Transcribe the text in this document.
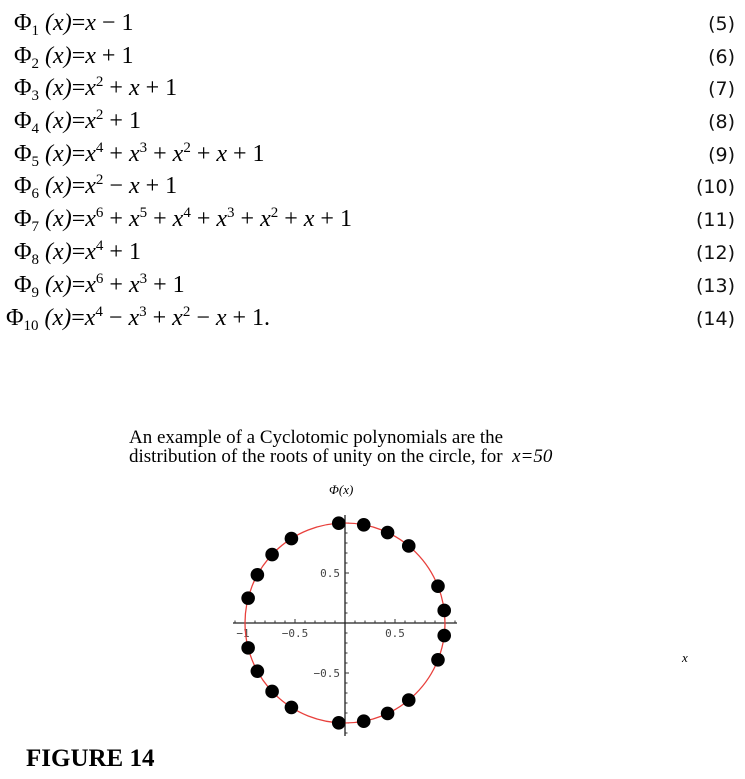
$\Phi_1$ (x)=x − 1	(5)
$\Phi_2$ (x)=x + 1	(6)
$\Phi_3$ $(x)=x^2 + x + 1$	(7)
$\Phi_4$ $(x)=x^2 + 1$	(8)
$\Phi_5$ $(x)=x^4 + x^3 + x^2 + x + 1$	(9)
$\Phi_6$ $(x)=x^2 - x + 1$	(10)
$\Phi_7$ $(x)=x^6 + x^5 + x^4 + x^3 + x^2 + x + 1$	(11)
$\Phi_8$ $(x)=x^4 + 1$	(12)
$\Phi_9$ $(x)=x^6 + x^3 + 1$	(13)
$\Phi_{10}$ $(x)=x^4 - x^3 + x^2 - x + 1$.	(14)
An example of a Cyclotomic polynomials are the
distribution of the roots of unity on the circle, for x=50
Φ(x)
x
−1	−0.5	0.5
0.5
−0.5
FIGURE 14
